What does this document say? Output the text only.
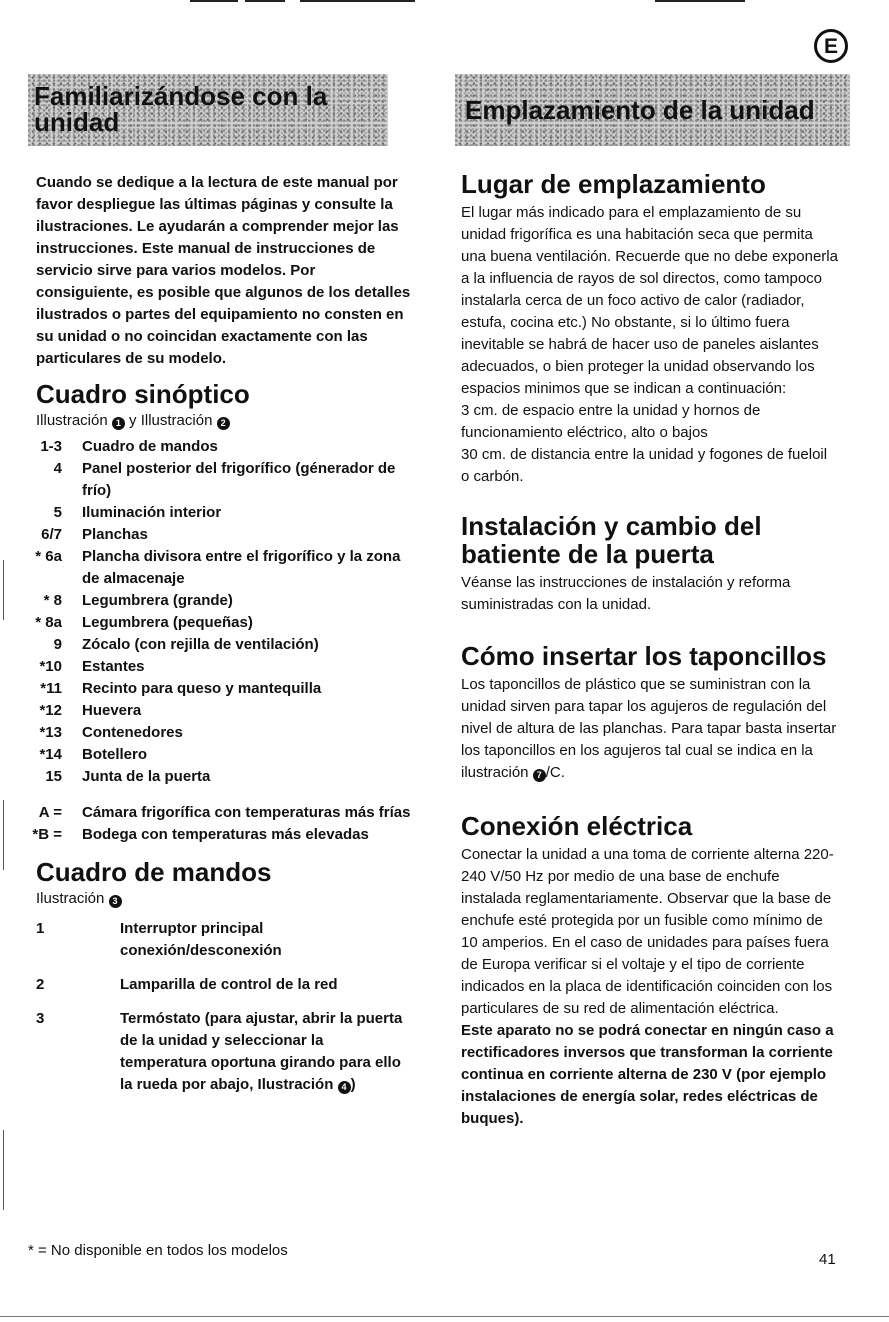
E
Familiarizándose con la unidad	Emplazamiento de la unidad
Cuando se dedique a la lectura de este manual por favor despliegue las últimas páginas y consulte la ilustraciones. Le ayudarán a comprender mejor las instrucciones. Este manual de instrucciones de servicio sirve para varios modelos. Por consiguiente, es posible que algunos de los detalles ilustrados o partes del equipamiento no consten en su unidad o no coincidan exactamente con las particulares de su modelo.
Cuadro sinóptico
Illustración 1 y Illustración 2
1-3	Cuadro de mandos
4	Panel posterior del frigorífico (génerador de frío)
5	Iluminación interior
6/7	Planchas
* 6a	Plancha divisora entre el frigorífico y la zona de almacenaje
* 8	Legumbrera (grande)
* 8a	Legumbrera (pequeñas)
9	Zócalo (con rejilla de ventilación)
*10	Estantes
*11	Recinto para queso y mantequilla
*12	Huevera
*13	Contenedores
*14	Botellero
15	Junta de la puerta

A =	Cámara frigorífica con temperaturas más frías
*B =	Bodega con temperaturas más elevadas
Cuadro de mandos
Ilustración 3
1	Interruptor principal conexión/desconexión

2	Lamparilla de control de la red

3	Termóstato (para ajustar, abrir la puerta de la unidad y seleccionar la temperatura oportuna girando para ello la rueda por abajo, Ilustración 4 )
* = No disponible en todos los modelos
Lugar de emplazamiento
El lugar más indicado para el emplazamiento de su unidad frigorífica es una habitación seca que permita una buena ventilación. Recuerde que no debe exponerla a la influencia de rayos de sol directos, como tampoco instalarla cerca de un foco activo de calor (radiador, estufa, cocina etc.) No obstante, si lo último fuera inevitable se habrá de hacer uso de paneles aislantes adecuados, o bien proteger la unidad observando los espacios minimos que se indican a continuación:
3 cm. de espacio entre la unidad y hornos de funcionamiento eléctrico, alto o bajos
30 cm. de distancia entre la unidad y fogones de fueloil o carbón.
Instalación y cambio del batiente de la puerta
Véanse las instrucciones de instalación y reforma suministradas con la unidad.
Cómo insertar los taponcillos
Los taponcillos de plástico que se suministran con la unidad sirven para tapar los agujeros de regulación del nivel de altura de las planchas. Para tapar basta insertar los taponcillos en los agujeros tal cual se indica en la ilustración 7 /C.
Conexión eléctrica
Conectar la unidad a una toma de corriente alterna 220-240 V/50 Hz por medio de una base de enchufe instalada reglamentariamente. Observar que la base de enchufe esté protegida por un fusible como mínimo de 10 amperios. En el caso de unidades para países fuera de Europa verificar si el voltaje y el tipo de corriente indicados en la placa de identificación coinciden con los particulares de su red de alimentación eléctrica.
Este aparato no se podrá conectar en ningún caso a rectificadores inversos que transforman la corriente continua en corriente alterna de 230 V (por ejemplo instalaciones de energía solar, redes eléctricas de buques).
41
